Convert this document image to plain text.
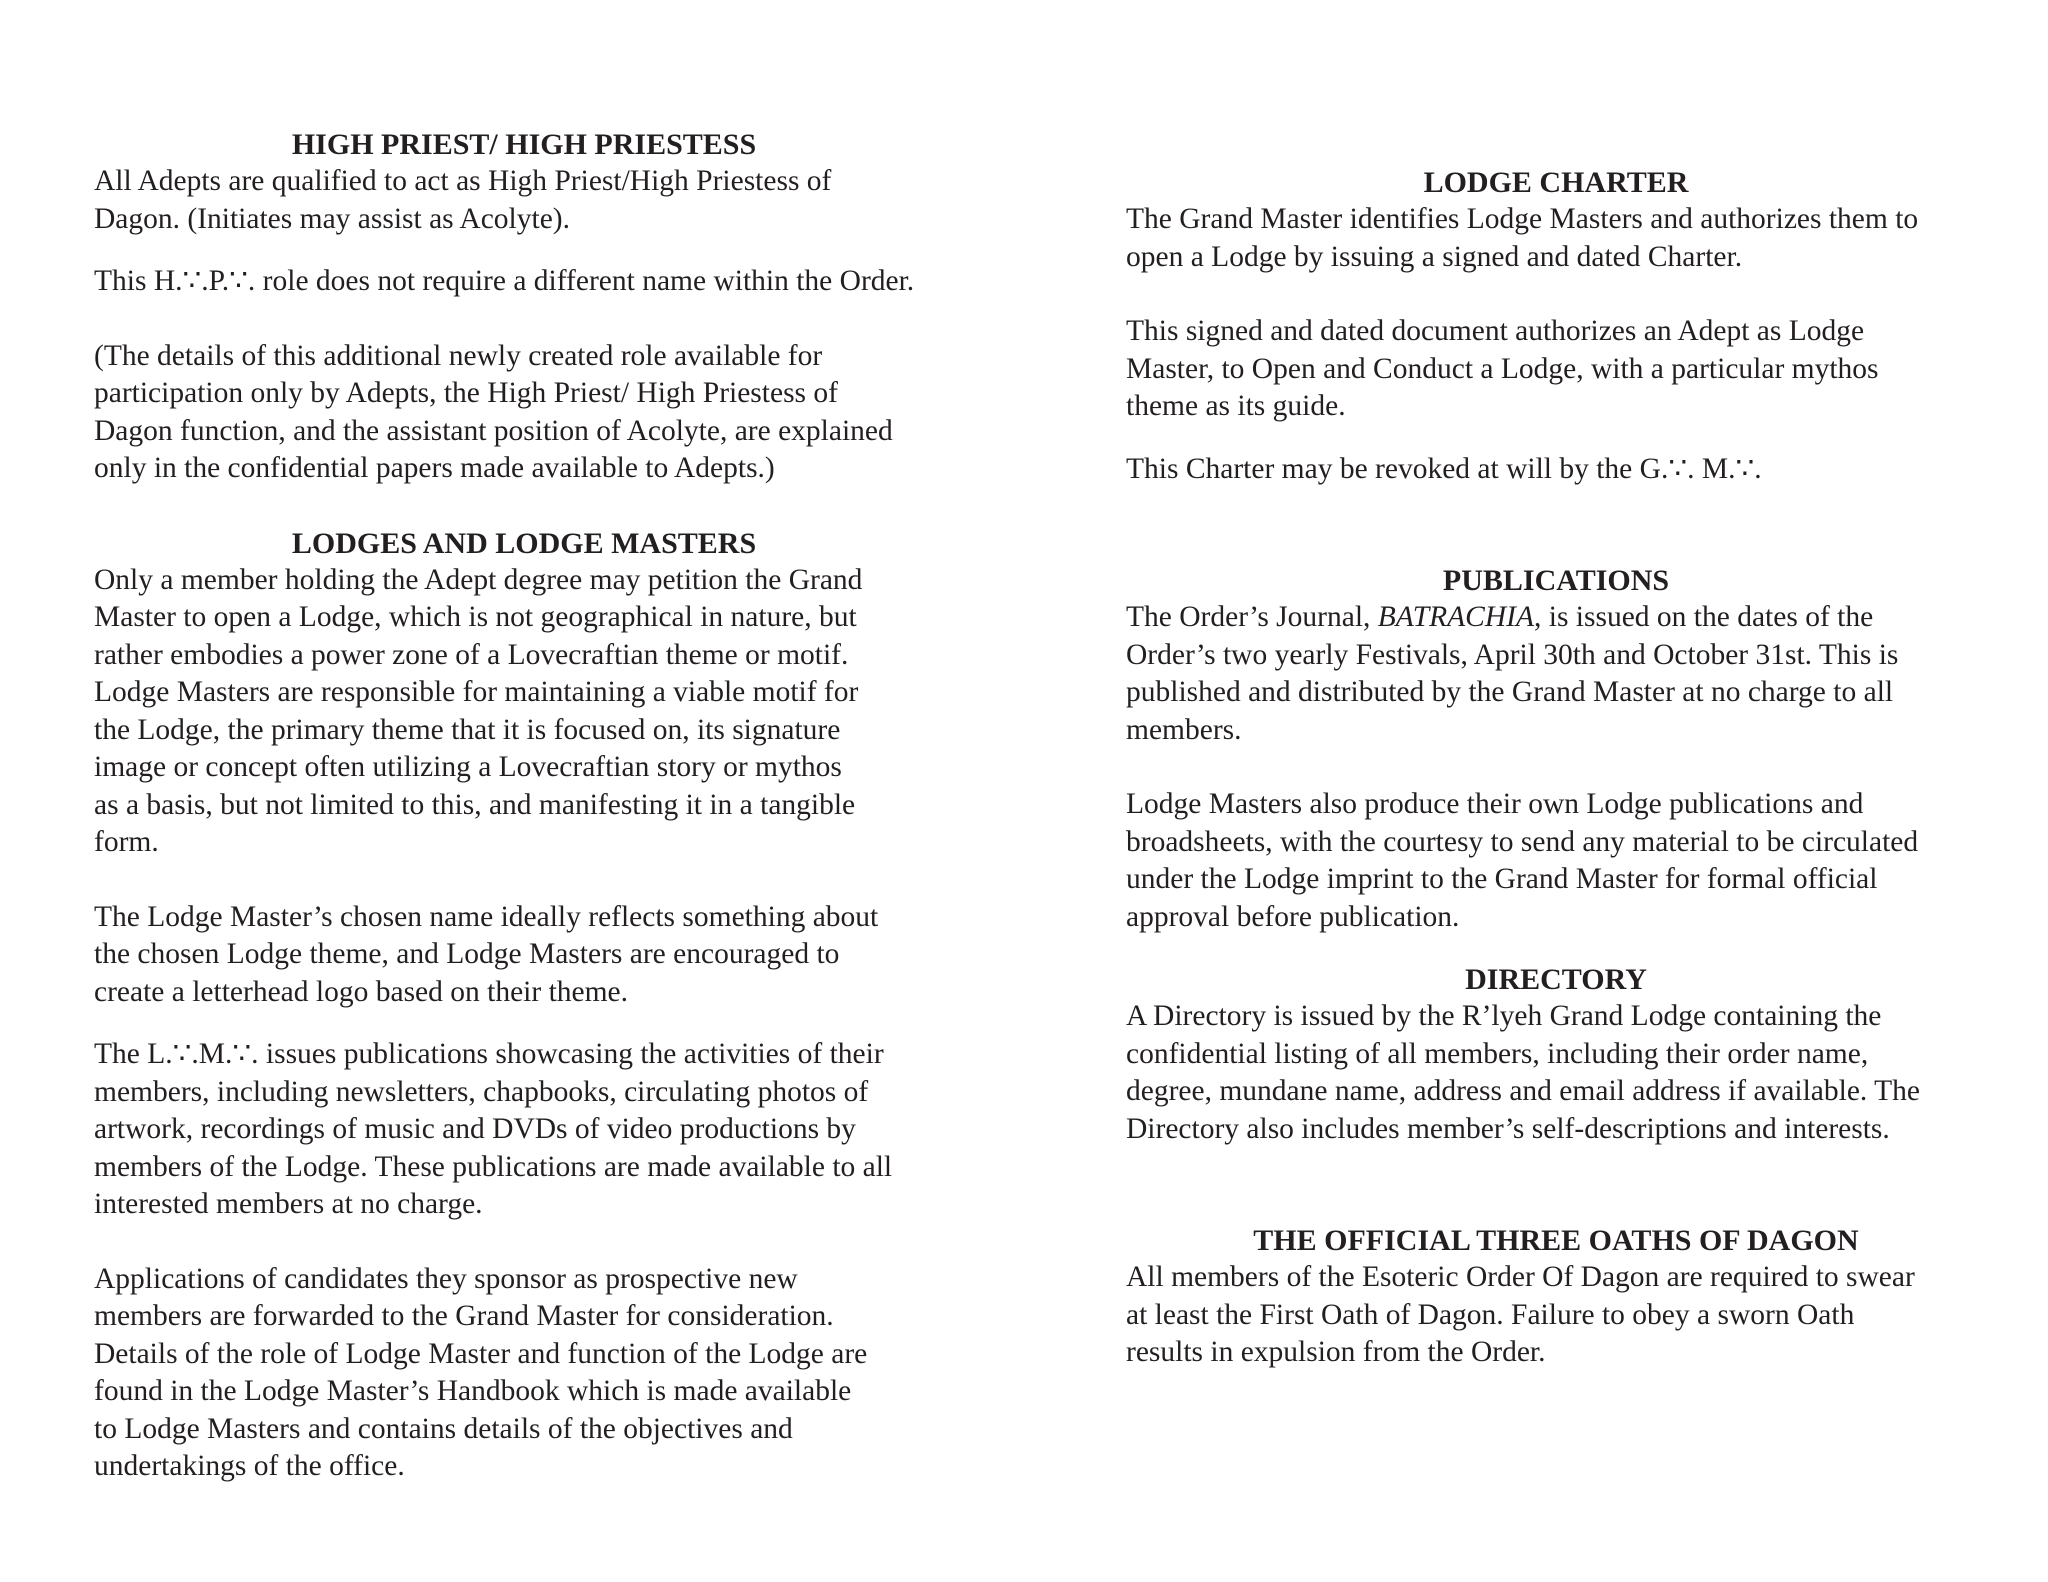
HIGH PRIEST/ HIGH PRIESTESS

All Adepts are qualified to act as High Priest/High Priestess of
Dagon. (Initiates may assist as Acolyte).

This H.∵.P.∵. role does not require a different name within the Order.

(The details of this additional newly created role available for
participation only by Adepts, the High Priest/ High Priestess of
Dagon function, and the assistant position of Acolyte, are explained
only in the confidential papers made available to Adepts.)

LODGES AND LODGE MASTERS

Only a member holding the Adept degree may petition the Grand
Master to open a Lodge, which is not geographical in nature, but
rather embodies a power zone of a Lovecraftian theme or motif.
Lodge Masters are responsible for maintaining a viable motif for
the Lodge, the primary theme that it is focused on, its signature
image or concept often utilizing a Lovecraftian story or mythos
as a basis, but not limited to this, and manifesting it in a tangible
form.

The Lodge Master’s chosen name ideally reflects something about
the chosen Lodge theme, and Lodge Masters are encouraged to
create a letterhead logo based on their theme.

The L.∵.M.∵. issues publications showcasing the activities of their
members, including newsletters, chapbooks, circulating photos of
artwork, recordings of music and DVDs of video productions by
members of the Lodge. These publications are made available to all
interested members at no charge.

Applications of candidates they sponsor as prospective new
members are forwarded to the Grand Master for consideration.
Details of the role of Lodge Master and function of the Lodge are
found in the Lodge Master’s Handbook which is made available
to Lodge Masters and contains details of the objectives and
undertakings of the office.

LODGE CHARTER

The Grand Master identifies Lodge Masters and authorizes them to
open a Lodge by issuing a signed and dated Charter.

This signed and dated document authorizes an Adept as Lodge
Master, to Open and Conduct a Lodge, with a particular mythos
theme as its guide.

This Charter may be revoked at will by the G.∵. M.∵.

PUBLICATIONS

The Order’s Journal, BATRACHIA, is issued on the dates of the
Order’s two yearly Festivals, April 30th and October 31st. This is
published and distributed by the Grand Master at no charge to all
members.

Lodge Masters also produce their own Lodge publications and
broadsheets, with the courtesy to send any material to be circulated
under the Lodge imprint to the Grand Master for formal official
approval before publication.

DIRECTORY

A Directory is issued by the R’lyeh Grand Lodge containing the
confidential listing of all members, including their order name,
degree, mundane name, address and email address if available. The
Directory also includes member’s self-descriptions and interests.

THE OFFICIAL THREE OATHS OF DAGON

All members of the Esoteric Order Of Dagon are required to swear
at least the First Oath of Dagon. Failure to obey a sworn Oath
results in expulsion from the Order.
